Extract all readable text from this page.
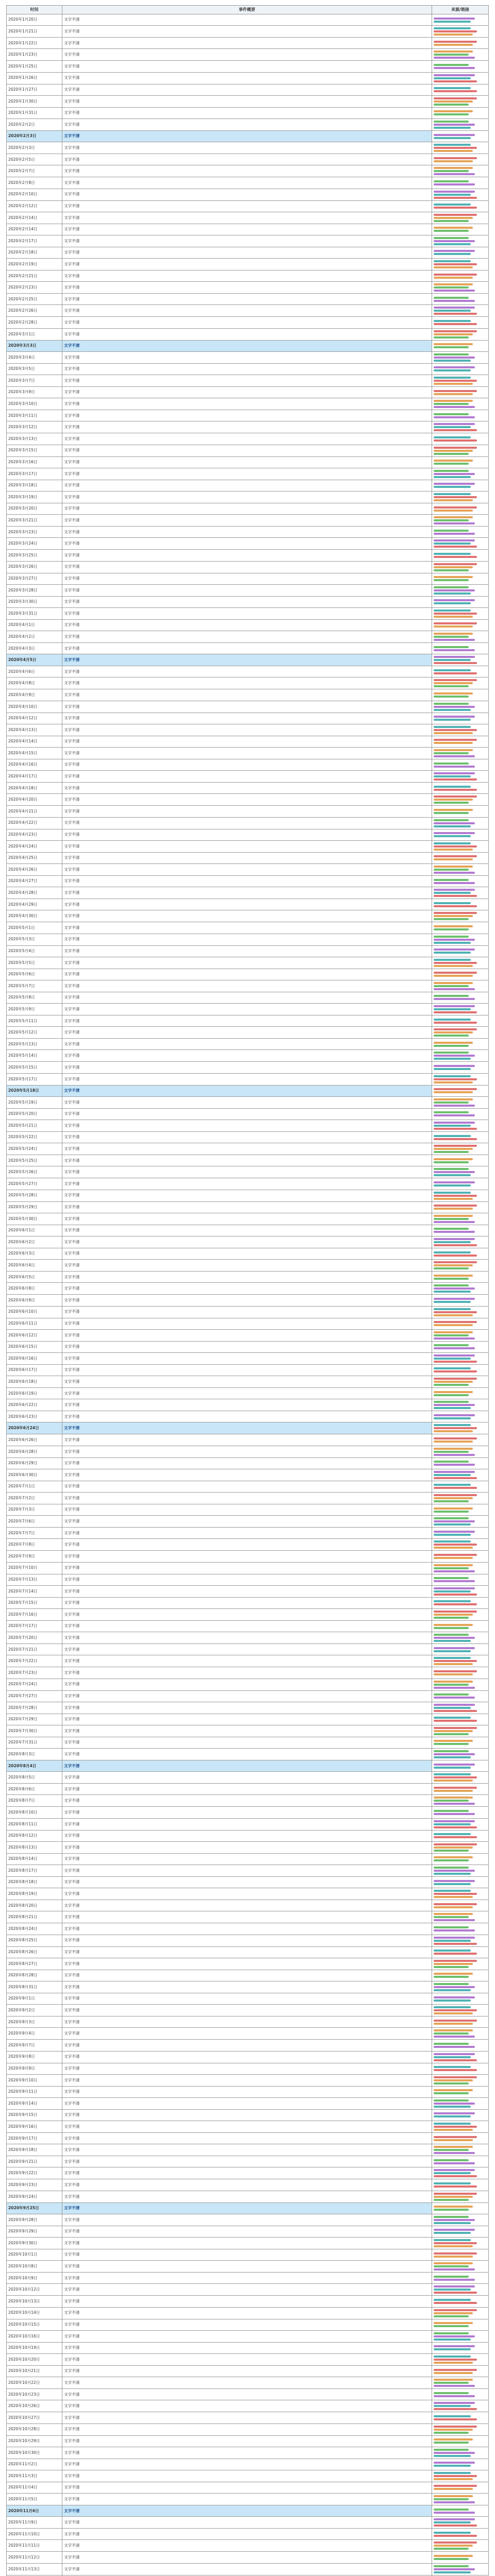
时间	事件概要	来源/链接
2020年1月20日	文字不清	

2020年1月21日	文字不清	

2020年1月22日	文字不清	

2020年1月23日	文字不清	

2020年1月25日	文字不清	

2020年1月26日	文字不清	

2020年1月27日	文字不清	

2020年1月30日	文字不清	

2020年1月31日	文字不清	

2020年2月2日	文字不清	

2020年2月3日	文字不清	

2020年2月3日	文字不清	

2020年2月5日	文字不清	

2020年2月7日	文字不清	

2020年2月8日	文字不清	

2020年2月10日	文字不清	

2020年2月12日	文字不清	

2020年2月14日	文字不清	

2020年2月14日	文字不清	

2020年2月17日	文字不清	

2020年2月18日	文字不清	

2020年2月19日	文字不清	

2020年2月21日	文字不清	

2020年2月23日	文字不清	

2020年2月25日	文字不清	

2020年2月26日	文字不清	

2020年2月28日	文字不清	

2020年3月1日	文字不清	

2020年3月3日	文字不清	

2020年3月4日	文字不清	

2020年3月5日	文字不清	

2020年3月7日	文字不清	

2020年3月9日	文字不清	

2020年3月10日	文字不清	

2020年3月11日	文字不清	

2020年3月12日	文字不清	

2020年3月13日	文字不清	

2020年3月15日	文字不清	

2020年3月16日	文字不清	

2020年3月17日	文字不清	

2020年3月18日	文字不清	

2020年3月19日	文字不清	

2020年3月20日	文字不清	

2020年3月21日	文字不清	

2020年3月23日	文字不清	

2020年3月24日	文字不清	

2020年3月25日	文字不清	

2020年3月26日	文字不清	

2020年3月27日	文字不清	

2020年3月28日	文字不清	

2020年3月30日	文字不清	

2020年3月31日	文字不清	

2020年4月1日	文字不清	

2020年4月2日	文字不清	

2020年4月3日	文字不清	

2020年4月5日	文字不清	

2020年4月6日	文字不清	

2020年4月8日	文字不清	

2020年4月9日	文字不清	

2020年4月10日	文字不清	

2020年4月12日	文字不清	

2020年4月13日	文字不清	

2020年4月14日	文字不清	

2020年4月15日	文字不清	

2020年4月16日	文字不清	

2020年4月17日	文字不清	

2020年4月18日	文字不清	

2020年4月20日	文字不清	

2020年4月21日	文字不清	

2020年4月22日	文字不清	

2020年4月23日	文字不清	

2020年4月24日	文字不清	

2020年4月25日	文字不清	

2020年4月26日	文字不清	

2020年4月27日	文字不清	

2020年4月28日	文字不清	

2020年4月29日	文字不清	

2020年4月30日	文字不清	

2020年5月1日	文字不清	

2020年5月3日	文字不清	

2020年5月4日	文字不清	

2020年5月5日	文字不清	

2020年5月6日	文字不清	

2020年5月7日	文字不清	

2020年5月8日	文字不清	

2020年5月9日	文字不清	

2020年5月11日	文字不清	

2020年5月12日	文字不清	

2020年5月13日	文字不清	

2020年5月14日	文字不清	

2020年5月15日	文字不清	

2020年5月17日	文字不清	

2020年5月18日	文字不清	

2020年5月19日	文字不清	

2020年5月20日	文字不清	

2020年5月21日	文字不清	

2020年5月22日	文字不清	

2020年5月24日	文字不清	

2020年5月25日	文字不清	

2020年5月26日	文字不清	

2020年5月27日	文字不清	

2020年5月28日	文字不清	

2020年5月29日	文字不清	

2020年5月30日	文字不清	

2020年6月1日	文字不清	

2020年6月2日	文字不清	

2020年6月3日	文字不清	

2020年6月4日	文字不清	

2020年6月5日	文字不清	

2020年6月8日	文字不清	

2020年6月9日	文字不清	

2020年6月10日	文字不清	

2020年6月11日	文字不清	

2020年6月12日	文字不清	

2020年6月15日	文字不清	

2020年6月16日	文字不清	

2020年6月17日	文字不清	

2020年6月18日	文字不清	

2020年6月19日	文字不清	

2020年6月22日	文字不清	

2020年6月23日	文字不清	

2020年6月24日	文字不清	

2020年6月26日	文字不清	

2020年6月28日	文字不清	

2020年6月29日	文字不清	

2020年6月30日	文字不清	

2020年7月1日	文字不清	

2020年7月2日	文字不清	

2020年7月3日	文字不清	

2020年7月6日	文字不清	

2020年7月7日	文字不清	

2020年7月8日	文字不清	

2020年7月9日	文字不清	

2020年7月10日	文字不清	

2020年7月13日	文字不清	

2020年7月14日	文字不清	

2020年7月15日	文字不清	

2020年7月16日	文字不清	

2020年7月17日	文字不清	

2020年7月20日	文字不清	

2020年7月21日	文字不清	

2020年7月22日	文字不清	

2020年7月23日	文字不清	

2020年7月24日	文字不清	

2020年7月27日	文字不清	

2020年7月28日	文字不清	

2020年7月29日	文字不清	

2020年7月30日	文字不清	

2020年7月31日	文字不清	

2020年8月3日	文字不清	

2020年8月4日	文字不清	

2020年8月5日	文字不清	

2020年8月6日	文字不清	

2020年8月7日	文字不清	

2020年8月10日	文字不清	

2020年8月11日	文字不清	

2020年8月12日	文字不清	

2020年8月13日	文字不清	

2020年8月14日	文字不清	

2020年8月17日	文字不清	

2020年8月18日	文字不清	

2020年8月19日	文字不清	

2020年8月20日	文字不清	

2020年8月21日	文字不清	

2020年8月24日	文字不清	

2020年8月25日	文字不清	

2020年8月26日	文字不清	

2020年8月27日	文字不清	

2020年8月28日	文字不清	

2020年8月31日	文字不清	

2020年9月1日	文字不清	

2020年9月2日	文字不清	

2020年9月3日	文字不清	

2020年9月4日	文字不清	

2020年9月7日	文字不清	

2020年9月8日	文字不清	

2020年9月9日	文字不清	

2020年9月10日	文字不清	

2020年9月11日	文字不清	

2020年9月14日	文字不清	

2020年9月15日	文字不清	

2020年9月16日	文字不清	

2020年9月17日	文字不清	

2020年9月18日	文字不清	

2020年9月21日	文字不清	

2020年9月22日	文字不清	

2020年9月23日	文字不清	

2020年9月24日	文字不清	

2020年9月25日	文字不清	

2020年9月28日	文字不清	

2020年9月29日	文字不清	

2020年9月30日	文字不清	

2020年10月1日	文字不清	

2020年10月8日	文字不清	

2020年10月9日	文字不清	

2020年10月12日	文字不清	

2020年10月13日	文字不清	

2020年10月14日	文字不清	

2020年10月15日	文字不清	

2020年10月16日	文字不清	

2020年10月19日	文字不清	

2020年10月20日	文字不清	

2020年10月21日	文字不清	

2020年10月22日	文字不清	

2020年10月23日	文字不清	

2020年10月26日	文字不清	

2020年10月27日	文字不清	

2020年10月28日	文字不清	

2020年10月29日	文字不清	

2020年10月30日	文字不清	

2020年11月2日	文字不清	

2020年11月3日	文字不清	

2020年11月4日	文字不清	

2020年11月5日	文字不清	

2020年11月6日	文字不清	

2020年11月9日	文字不清	

2020年11月10日	文字不清	

2020年11月11日	文字不清	

2020年11月12日	文字不清	

2020年11月13日	文字不清	
